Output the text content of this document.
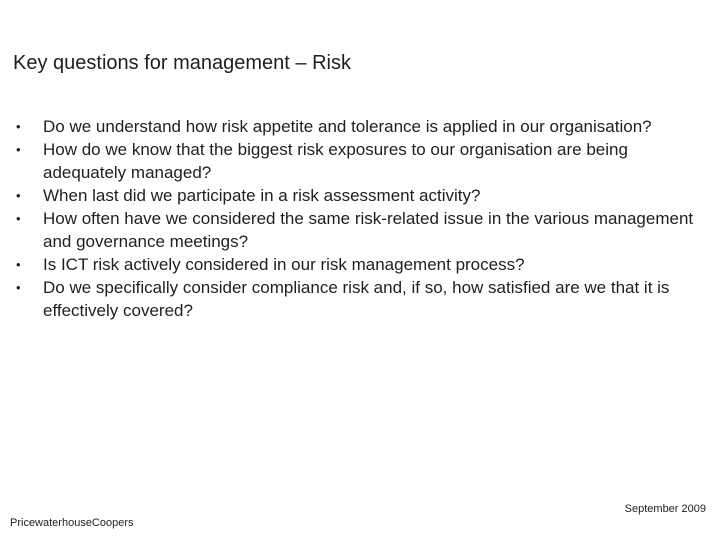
Key questions for management – Risk
•	Do we understand how risk appetite and tolerance is applied in our organisation?
•	How do we know that the biggest risk exposures to our organisation are being adequately managed?
•	When last did we participate in a risk assessment activity?
•	How often have we considered the same risk-related issue in the various management and governance meetings?
•	Is ICT risk actively considered in our risk management process?
•	Do we specifically consider compliance risk and, if so, how satisfied are we that it is effectively covered?
September 2009
PricewaterhouseCoopers
